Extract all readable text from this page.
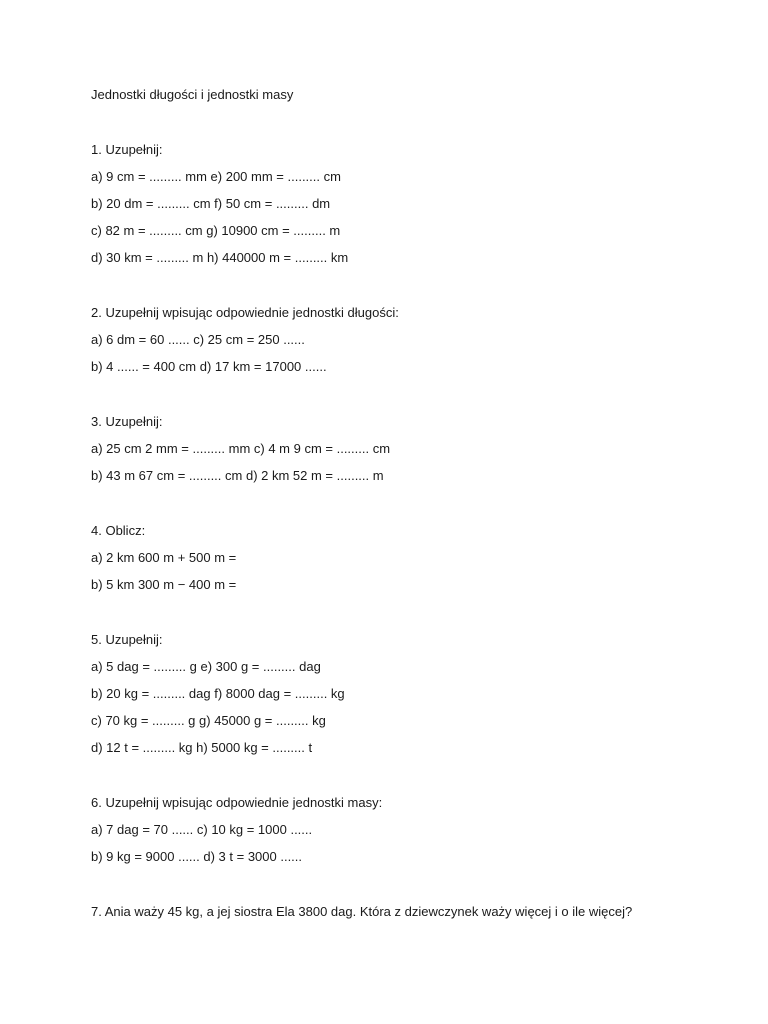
Jednostki długości i jednostki masy

1. Uzupełnij:

a) 9 cm = ......... mm e) 200 mm = ......... cm

b) 20 dm = ......... cm f) 50 cm = ......... dm

c) 82 m = ......... cm g) 10900 cm = ......... m

d) 30 km = ......... m h) 440000 m = ......... km

2. Uzupełnij wpisując odpowiednie jednostki długości:

a) 6 dm = 60 ...... c) 25 cm = 250 ......

b) 4 ...... = 400 cm d) 17 km = 17000 ......

3. Uzupełnij:

a) 25 cm 2 mm = ......... mm c) 4 m 9 cm = ......... cm

b) 43 m 67 cm = ......... cm d) 2 km 52 m = ......... m

4. Oblicz:

a) 2 km 600 m + 500 m =

b) 5 km 300 m − 400 m =

5. Uzupełnij:

a) 5 dag = ......... g e) 300 g = ......... dag

b) 20 kg = ......... dag f) 8000 dag = ......... kg

c) 70 kg = ......... g g) 45000 g = ......... kg

d) 12 t = ......... kg h) 5000 kg = ......... t

6. Uzupełnij wpisując odpowiednie jednostki masy:

a) 7 dag = 70 ...... c) 10 kg = 1000 ......

b) 9 kg = 9000 ...... d) 3 t = 3000 ......

7. Ania waży 45 kg, a jej siostra Ela 3800 dag. Która z dziewczynek waży więcej i o ile więcej?
